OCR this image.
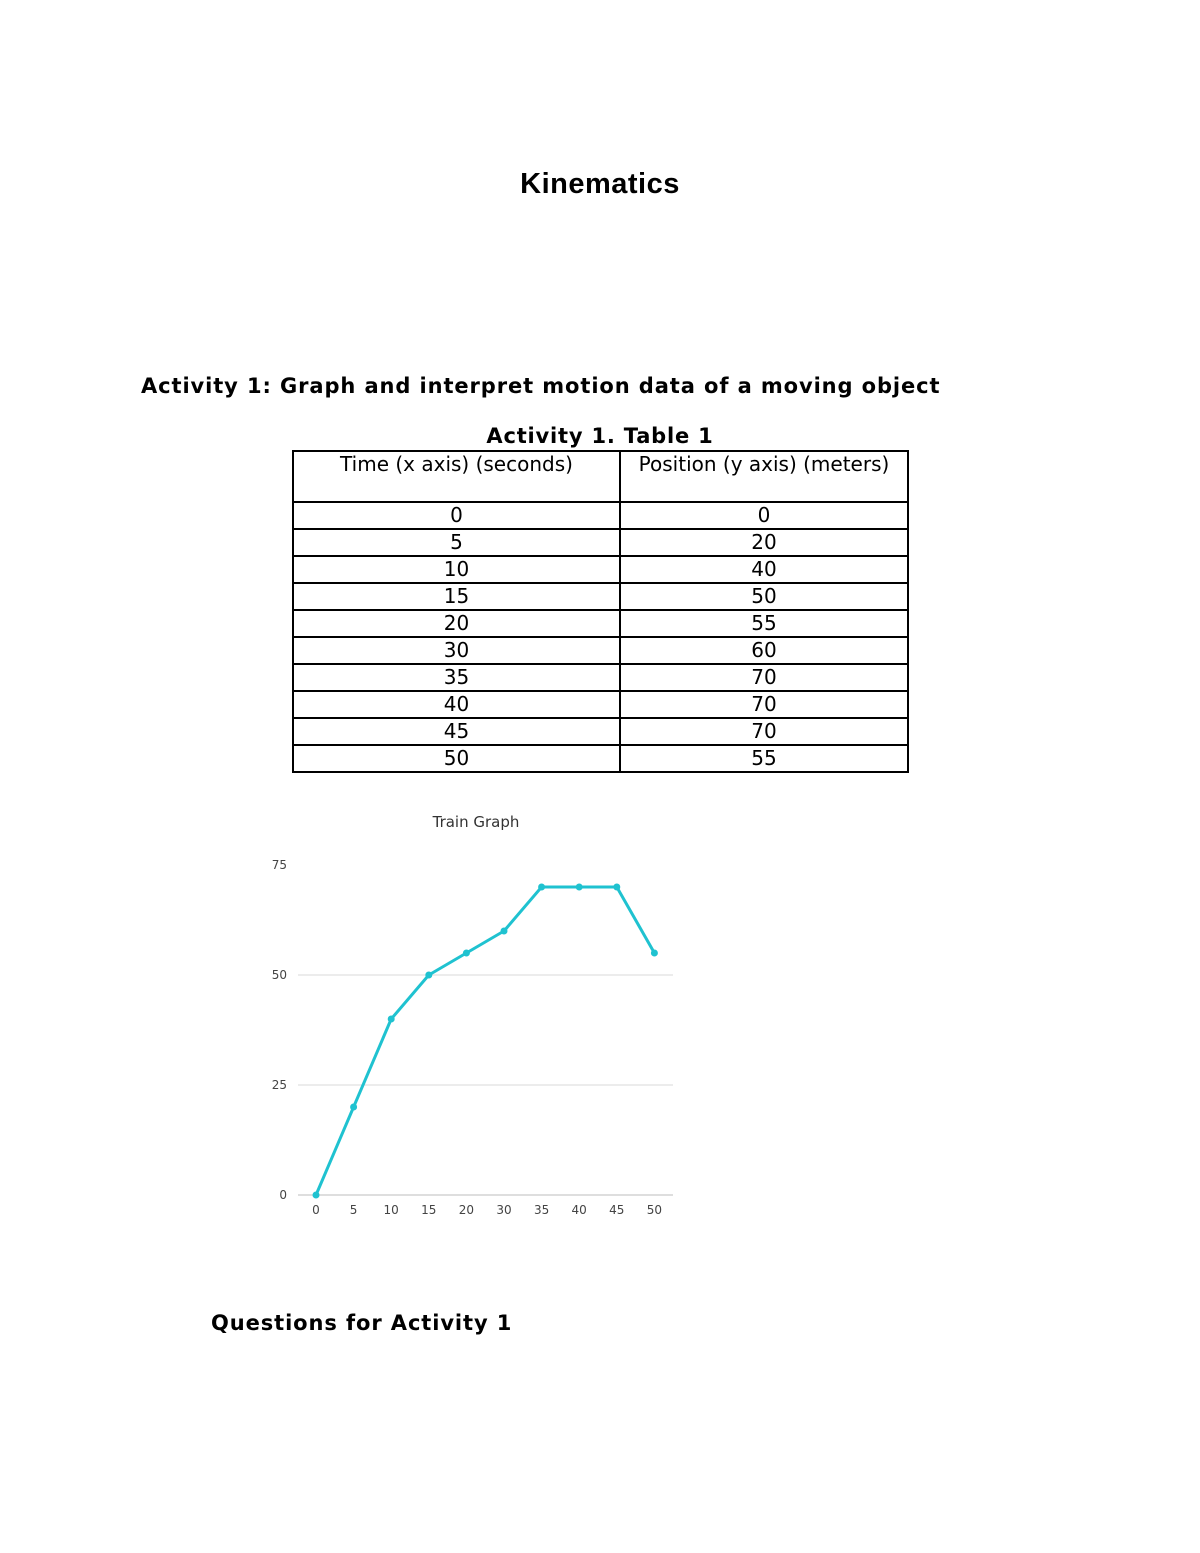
Kinematics
Activity 1: Graph and interpret motion data of a moving object
Activity 1. Table 1
Time (x axis) (seconds)	Position (y axis) (meters)
0	0
5	20
10	40
15	50
20	55
30	60
35	70
40	70
45	70
50	55
Train Graph
0
25
50
75
0 5 10 15 20 30 35 40 45 50
Questions for Activity 1
